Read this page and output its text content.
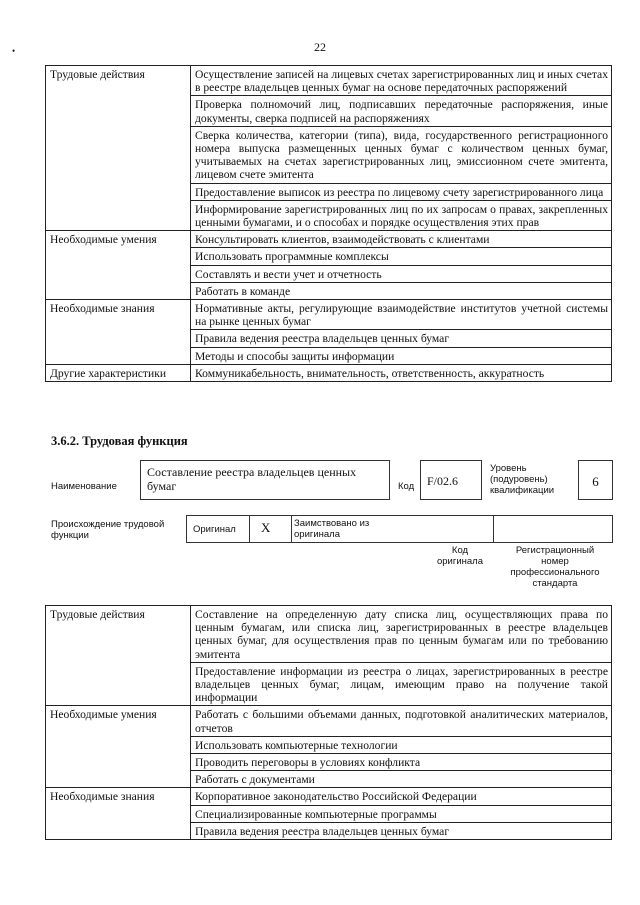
22
•
Трудовые действия	Осуществление записей на лицевых счетах зарегистрированных лиц и иных счетах в реестре владельцев ценных бумаг на основе передаточных распоряжений
	Проверка полномочий лиц, подписавших передаточные распоряжения, иные документы, сверка подписей на распоряжениях
	Сверка количества, категории (типа), вида, государственного регистрационного номера выпуска размещенных ценных бумаг с количеством ценных бумаг, учитываемых на счетах зарегистрированных лиц, эмиссионном счете эмитента, лицевом счете эмитента
	Предоставление выписок из реестра по лицевому счету зарегистрированного лица
	Информирование зарегистрированных лиц по их запросам о правах, закрепленных ценными бумагами, и о способах и порядке осуществления этих прав
Необходимые умения	Консультировать клиентов, взаимодействовать с клиентами
	Использовать программные комплексы
	Составлять и вести учет и отчетность
	Работать в команде
Необходимые знания	Нормативные акты, регулирующие взаимодействие институтов учетной системы на рынке ценных бумаг
	Правила ведения реестра владельцев ценных бумаг
	Методы и способы защиты информации
Другие характеристики	Коммуникабельность, внимательность, ответственность, аккуратность
3.6.2. Трудовая функция
Наименование
Составление реестра владельцев ценных бумаг	Код	F/02.6
Уровень (подуровень) квалификации
6
Происхождение трудовой функции
Оригинал X Заимствовано из оригинала
Код оригинала
Регистрационный номер профессионального стандарта
Трудовые действия	Составление на определенную дату списка лиц, осуществляющих права по ценным бумагам, или списка лиц, зарегистрированных в реестре владельцев ценных бумаг, для осуществления прав по ценным бумагам или по требованию эмитента
	Предоставление информации из реестра о лицах, зарегистрированных в реестре владельцев ценных бумаг, лицам, имеющим право на получение такой информации
Необходимые умения	Работать с большими объемами данных, подготовкой аналитических материалов, отчетов
	Использовать компьютерные технологии
	Проводить переговоры в условиях конфликта
	Работать с документами
Необходимые знания	Корпоративное законодательство Российской Федерации
	Специализированные компьютерные программы
	Правила ведения реестра владельцев ценных бумаг
